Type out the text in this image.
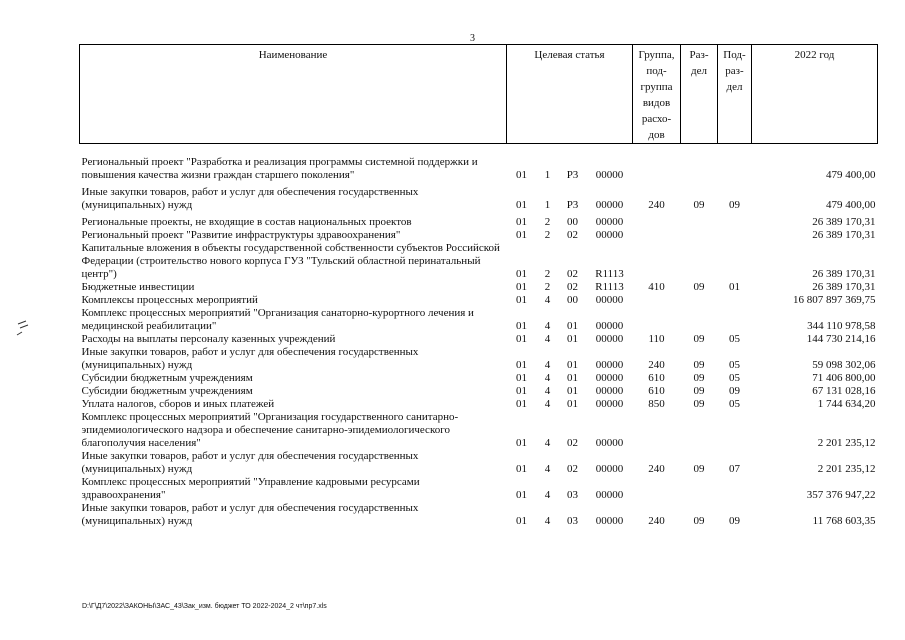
3
Наименование	Целевая статья				Группа, под-группа видов расхо-дов	Раз-дел	Под-раз-дел	2022 год
Региональный проект "Разработка и реализация программы системной поддержки и повышения качества жизни граждан старшего поколения"	01	1	P3	00000				479 400,00

Иные закупки товаров, работ и услуг для обеспечения государственных (муниципальных) нужд	01	1	P3	00000	240	09	09	479 400,00

Региональные проекты, не входящие в состав национальных проектов	01	2	00	00000				26 389 170,31
Региональный проект "Развитие инфраструктуры здравоохранения"	01	2	02	00000				26 389 170,31
Капитальные вложения в объекты государственной собственности субъектов Российской Федерации (строительство нового корпуса ГУЗ "Тульский областной перинатальный центр")	01	2	02	R1113				26 389 170,31
Бюджетные инвестиции	01	2	02	R1113	410	09	01	26 389 170,31
Комплексы процессных мероприятий	01	4	00	00000				16 807 897 369,75
Комплекс процессных мероприятий "Организация санаторно-курортного лечения и медицинской реабилитации"	01	4	01	00000				344 110 978,58
Расходы на выплаты персоналу казенных учреждений	01	4	01	00000	110	09	05	144 730 214,16
Иные закупки товаров, работ и услуг для обеспечения государственных (муниципальных) нужд	01	4	01	00000	240	09	05	59 098 302,06
Субсидии бюджетным учреждениям	01	4	01	00000	610	09	05	71 406 800,00
Субсидии бюджетным учреждениям	01	4	01	00000	610	09	09	67 131 028,16
Уплата налогов, сборов и иных платежей	01	4	01	00000	850	09	05	1 744 634,20
Комплекс процессных мероприятий "Организация государственного санитарно-эпидемиологического надзора и обеспечение санитарно-эпидемиологического благополучия населения"	01	4	02	00000				2 201 235,12
Иные закупки товаров, работ и услуг для обеспечения государственных (муниципальных) нужд	01	4	02	00000	240	09	07	2 201 235,12
Комплекс процессных мероприятий "Управление кадровыми ресурсами здравоохранения"	01	4	03	00000				357 376 947,22
Иные закупки товаров, работ и услуг для обеспечения государственных (муниципальных) нужд	01	4	03	00000	240	09	09	11 768 603,35
D:\Г\Д7\2022\ЗАКОНЫ\ЗАС_43\Зак_изм. бюджет ТО 2022-2024_2 чт\пр7.xls
